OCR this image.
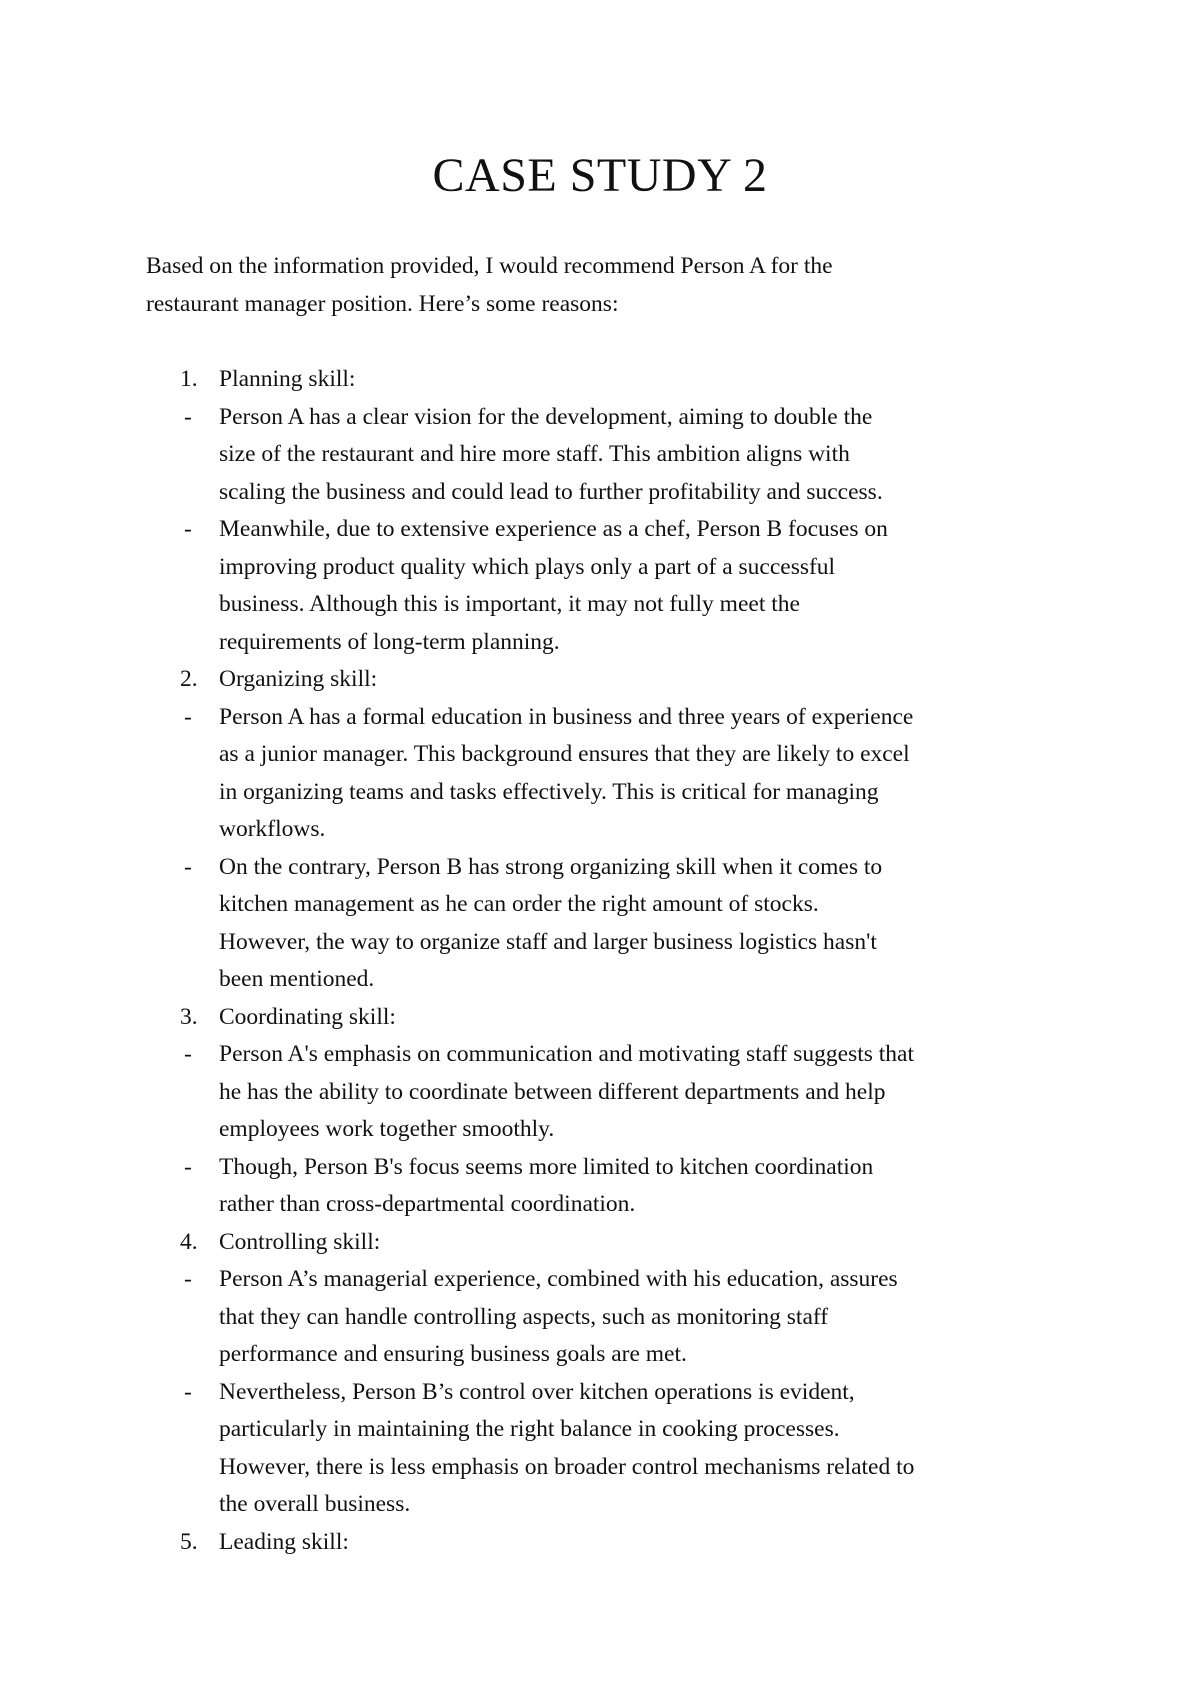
CASE STUDY 2

Based on the information provided, I would recommend Person A for the

restaurant manager position. Here’s some reasons:

1. Planning skill:
- Person A has a clear vision for the development, aiming to double the
size of the restaurant and hire more staff. This ambition aligns with
scaling the business and could lead to further profitability and success.
- Meanwhile, due to extensive experience as a chef, Person B focuses on
improving product quality which plays only a part of a successful
business. Although this is important, it may not fully meet the
requirements of long-term planning.
2. Organizing skill:
- Person A has a formal education in business and three years of experience
as a junior manager. This background ensures that they are likely to excel
in organizing teams and tasks effectively. This is critical for managing
workflows.
- On the contrary, Person B has strong organizing skill when it comes to
kitchen management as he can order the right amount of stocks.
However, the way to organize staff and larger business logistics hasn't
been mentioned.
3. Coordinating skill:
- Person A's emphasis on communication and motivating staff suggests that
he has the ability to coordinate between different departments and help
employees work together smoothly.
- Though, Person B's focus seems more limited to kitchen coordination
rather than cross-departmental coordination.
4. Controlling skill:
- Person A’s managerial experience, combined with his education, assures
that they can handle controlling aspects, such as monitoring staff
performance and ensuring business goals are met.
- Nevertheless, Person B’s control over kitchen operations is evident,
particularly in maintaining the right balance in cooking processes.
However, there is less emphasis on broader control mechanisms related to
the overall business.
5. Leading skill:
